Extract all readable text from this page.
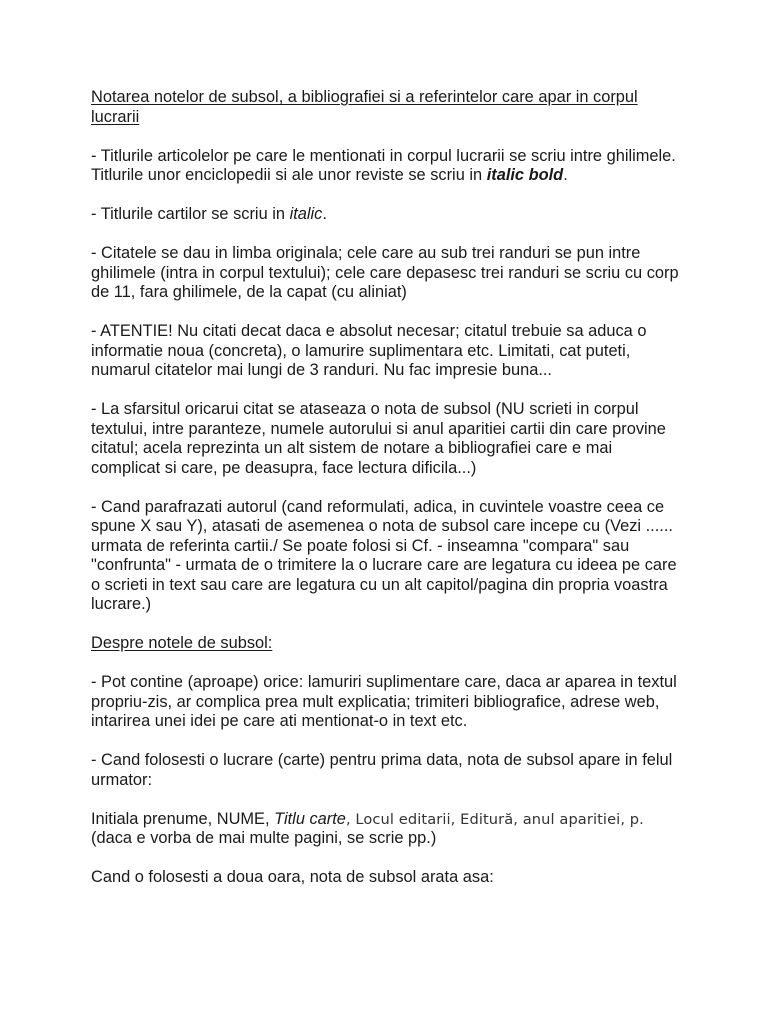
Notarea notelor de subsol, a bibliografiei si a referintelor care apar in corpul lucrarii

- Titlurile articolelor pe care le mentionati in corpul lucrarii se scriu intre ghilimele. Titlurile unor enciclopedii si ale unor reviste se scriu in italic bold.

- Titlurile cartilor se scriu in italic.

- Citatele se dau in limba originala; cele care au sub trei randuri se pun intre ghilimele (intra in corpul textului); cele care depasesc trei randuri se scriu cu corp de 11, fara ghilimele, de la capat (cu aliniat)

- ATENTIE! Nu citati decat daca e absolut necesar; citatul trebuie sa aduca o informatie noua (concreta), o lamurire suplimentara etc. Limitati, cat puteti, numarul citatelor mai lungi de 3 randuri. Nu fac impresie buna...

- La sfarsitul oricarui citat se ataseaza o nota de subsol (NU scrieti in corpul textului, intre paranteze, numele autorului si anul aparitiei cartii din care provine citatul; acela reprezinta un alt sistem de notare a bibliografiei care e mai complicat si care, pe deasupra, face lectura dificila...)

- Cand parafrazati autorul (cand reformulati, adica, in cuvintele voastre ceea ce spune X sau Y), atasati de asemenea o nota de subsol care incepe cu (Vezi ...... urmata de referinta cartii./ Se poate folosi si Cf. - inseamna "compara" sau "confrunta" - urmata de o trimitere la o lucrare care are legatura cu ideea pe care o scrieti in text sau care are legatura cu un alt capitol/pagina din propria voastra lucrare.)

Despre notele de subsol:

- Pot contine (aproape) orice: lamuriri suplimentare care, daca ar aparea in textul propriu-zis, ar complica prea mult explicatia; trimiteri bibliografice, adrese web, intarirea unei idei pe care ati mentionat-o in text etc.

- Cand folosesti o lucrare (carte) pentru prima data, nota de subsol apare in felul urmator:

Initiala prenume, NUME, Titlu carte, Locul editarii, Editură, anul aparitiei, p.
(daca e vorba de mai multe pagini, se scrie pp.)

Cand o folosesti a doua oara, nota de subsol arata asa:
